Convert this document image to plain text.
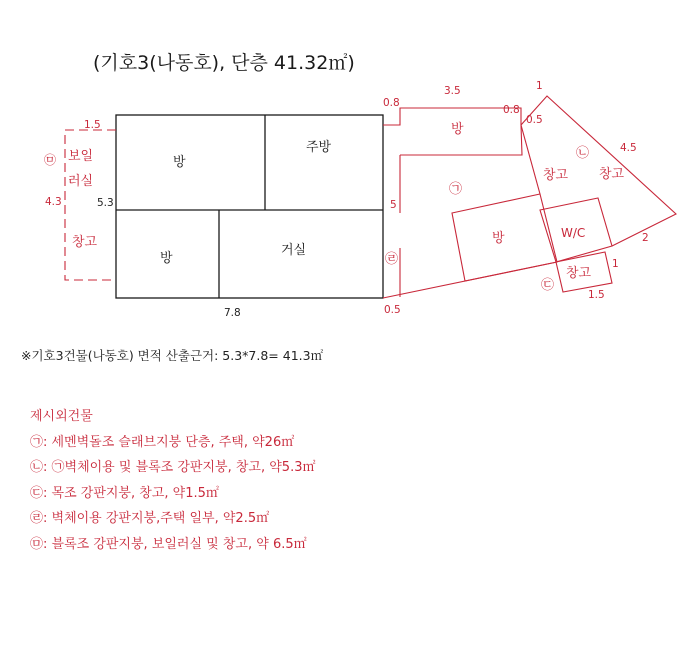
(기호3(나동호), 단층 41.32㎡)
방
주방
방
거실
7.8
5.3
1.5
4.3
㉤ 보일
러실
창고
방
방	W/C
창고 창고
창고
㉠
㉡
㉢
㉣
0.8
3.5	1
0.8
0.5
4.5
5
2
1
1.5
0.5
※기호3건물(나동호) 면적 산출근거: 5.3*7.8= 41.3㎡
제시외건물
㉠: 세멘벽돌조 슬래브지붕 단층, 주택, 약26㎡
㉡: ㉠벽체이용 및 블록조 강판지붕, 창고, 약5.3㎡
㉢: 목조 강판지붕, 창고, 약1.5㎡
㉣: 벽체이용 강판지붕,주택 일부, 약2.5㎡
㉤: 블록조 강판지붕, 보일러실 및 창고, 약 6.5㎡
